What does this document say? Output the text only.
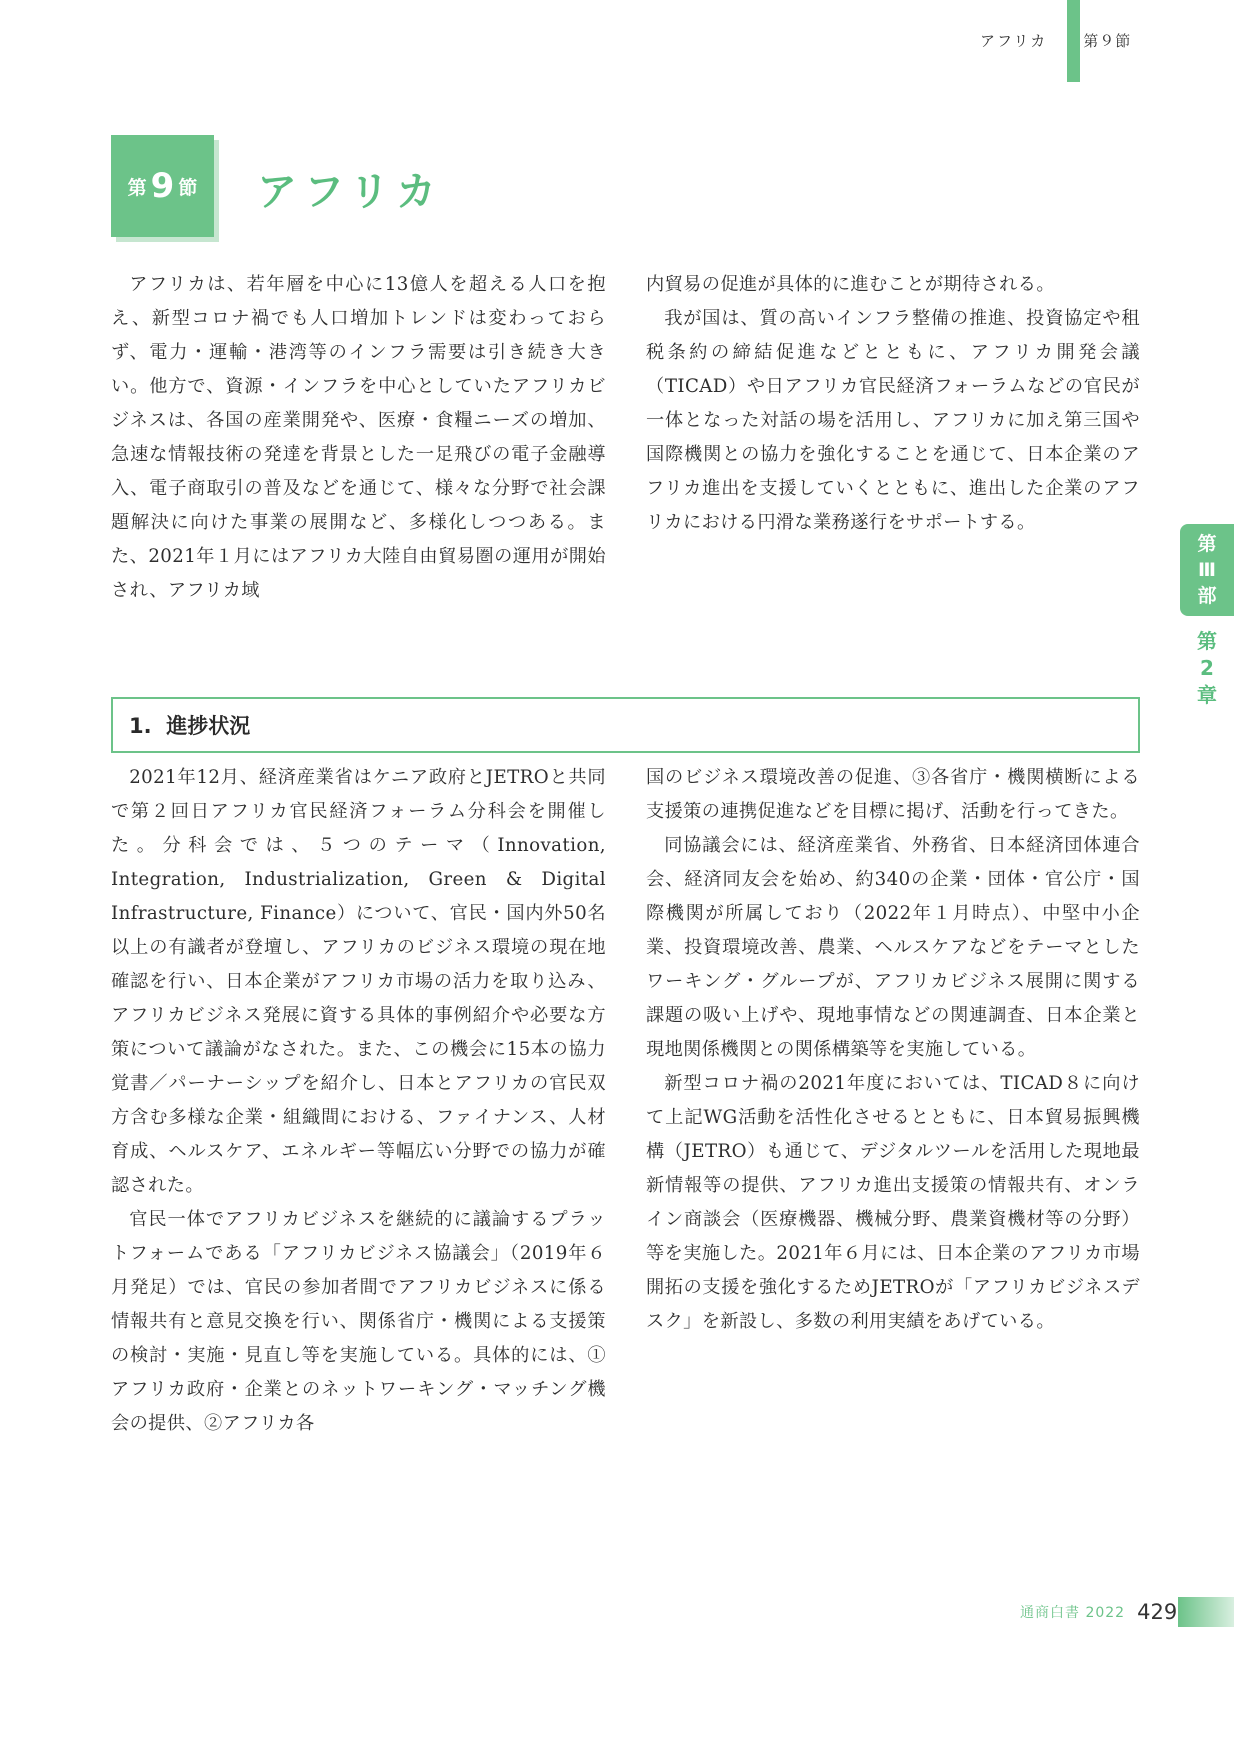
アフリカ 第９節
第 9 節 アフリカ

アフリカは、若年層を中心に13億人を超える人口を抱え、新型コロナ禍でも人口増加トレンドは変わっておらず、電力・運輸・港湾等のインフラ需要は引き続き大きい。他方で、資源・インフラを中心としていたアフリカビジネスは、各国の産業開発や、医療・食糧ニーズの増加、急速な情報技術の発達を背景とした一足飛びの電子金融導入、電子商取引の普及などを通じて、様々な分野で社会課題解決に向けた事業の展開など、多様化しつつある。また、2021年１月にはアフリカ大陸自由貿易圏の運用が開始され、アフリカ域

内貿易の促進が具体的に進むことが期待される。

我が国は、質の高いインフラ整備の推進、投資協定や租税条約の締結促進などとともに、アフリカ開発会議（TICAD）や日アフリカ官民経済フォーラムなどの官民が一体となった対話の場を活用し、アフリカに加え第三国や国際機関との協力を強化することを通じて、日本企業のアフリカ進出を支援していくとともに、進出した企業のアフリカにおける円滑な業務遂行をサポートする。

1.  進捗状況

2021年12月、経済産業省はケニア政府とJETROと共同で第２回日アフリカ官民経済フォーラム分科会を開催した。分科会では、５つのテーマ（Innovation, Integration, Industrialization, Green & Digital Infrastructure, Finance）について、官民・国内外50名以上の有識者が登壇し、アフリカのビジネス環境の現在地確認を行い、日本企業がアフリカ市場の活力を取り込み、アフリカビジネス発展に資する具体的事例紹介や必要な方策について議論がなされた。また、この機会に15本の協力覚書／パーナーシップを紹介し、日本とアフリカの官民双方含む多様な企業・組織間における、ファイナンス、人材育成、ヘルスケア、エネルギー等幅広い分野での協力が確認された。

官民一体でアフリカビジネスを継続的に議論するプラットフォームである「アフリカビジネス協議会」（2019年６月発足）では、官民の参加者間でアフリカビジネスに係る情報共有と意見交換を行い、関係省庁・機関による支援策の検討・実施・見直し等を実施している。具体的には、①アフリカ政府・企業とのネットワーキング・マッチング機会の提供、②アフリカ各

国のビジネス環境改善の促進、③各省庁・機関横断による支援策の連携促進などを目標に掲げ、活動を行ってきた。

同協議会には、経済産業省、外務省、日本経済団体連合会、経済同友会を始め、約340の企業・団体・官公庁・国際機関が所属しており（2022年１月時点）、中堅中小企業、投資環境改善、農業、ヘルスケアなどをテーマとしたワーキング・グループが、アフリカビジネス展開に関する課題の吸い上げや、現地事情などの関連調査、日本企業と現地関係機関との関係構築等を実施している。

新型コロナ禍の2021年度においては、TICAD８に向けて上記WG活動を活性化させるとともに、日本貿易振興機構（JETRO）も通じて、デジタルツールを活用した現地最新情報等の提供、アフリカ進出支援策の情報共有、オンライン商談会（医療機器、機械分野、農業資機材等の分野）等を実施した。2021年６月には、日本企業のアフリカ市場開拓の支援を強化するためJETROが「アフリカビジネスデスク」を新設し、多数の利用実績をあげている。

第
Ⅲ
部
第
2
章
通商白書 2022 429
